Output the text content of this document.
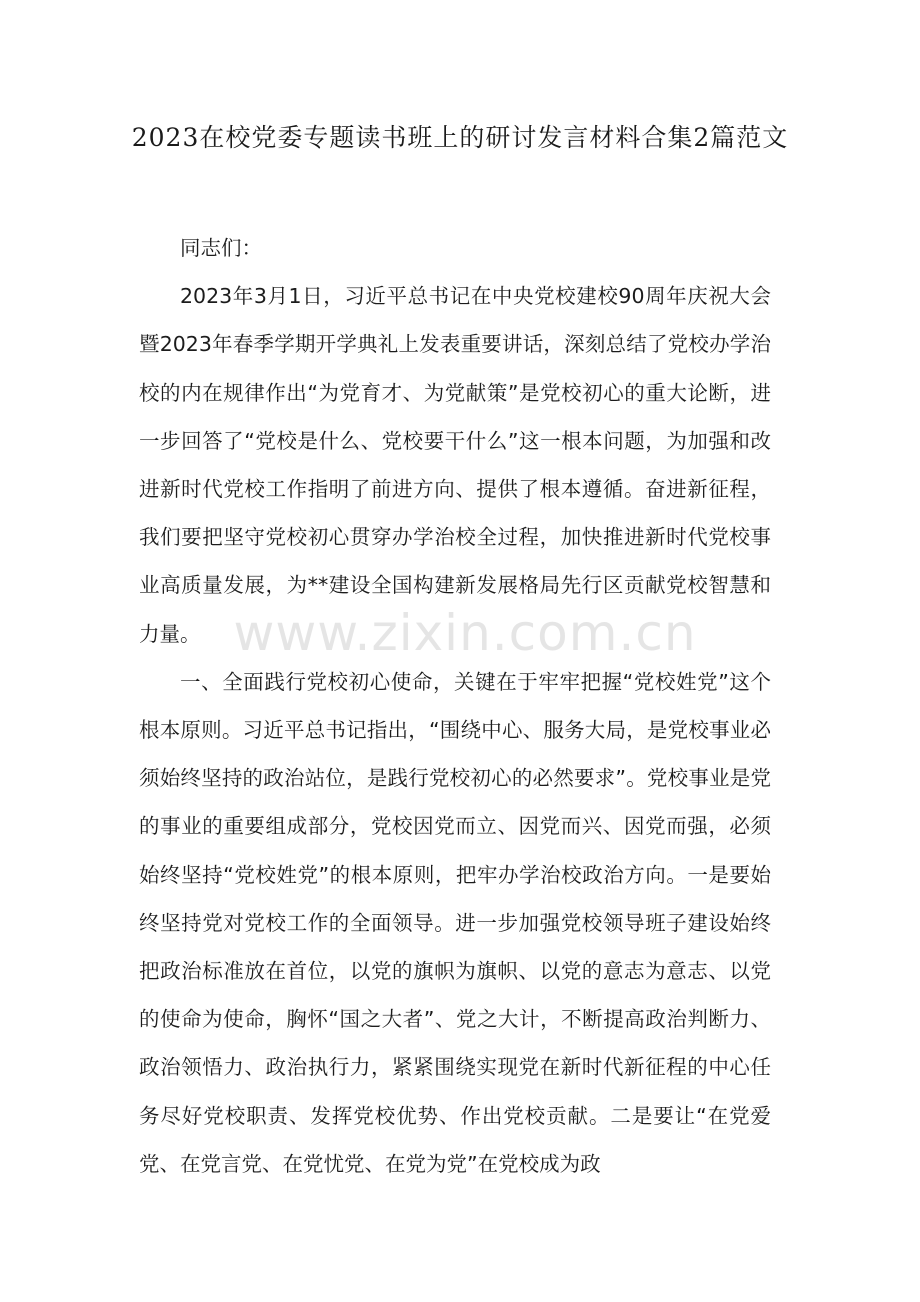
2023在校党委专题读书班上的研讨发言材料合集2篇范文

同志们：

2023年3月1日，习近平总书记在中央党校建校90周年庆祝大会暨2023年春季学期开学典礼上发表重要讲话，深刻总结了党校办学治校的内在规律作出“为党育才、为党献策”是党校初心的重大论断，进一步回答了“党校是什么、党校要干什么”这一根本问题，为加强和改进新时代党校工作指明了前进方向、提供了根本遵循。奋进新征程，我们要把坚守党校初心贯穿办学治校全过程，加快推进新时代党校事业高质量发展，为**建设全国构建新发展格局先行区贡献党校智慧和力量。

一、全面践行党校初心使命，关键在于牢牢把握“党校姓党”这个根本原则。习近平总书记指出，“围绕中心、服务大局，是党校事业必须始终坚持的政治站位，是践行党校初心的必然要求”。党校事业是党的事业的重要组成部分，党校因党而立、因党而兴、因党而强，必须始终坚持“党校姓党”的根本原则，把牢办学治校政治方向。一是要始终坚持党对党校工作的全面领导。进一步加强党校领导班子建设始终把政治标准放在首位，以党的旗帜为旗帜、以党的意志为意志、以党的使命为使命，胸怀“国之大者”、党之大计，不断提高政治判断力、政治领悟力、政治执行力，紧紧围绕实现党在新时代新征程的中心任务尽好党校职责、发挥党校优势、作出党校贡献。二是要让“在党爱党、在党言党、在党忧党、在党为党”在党校成为政

www.zixin.com.cn
